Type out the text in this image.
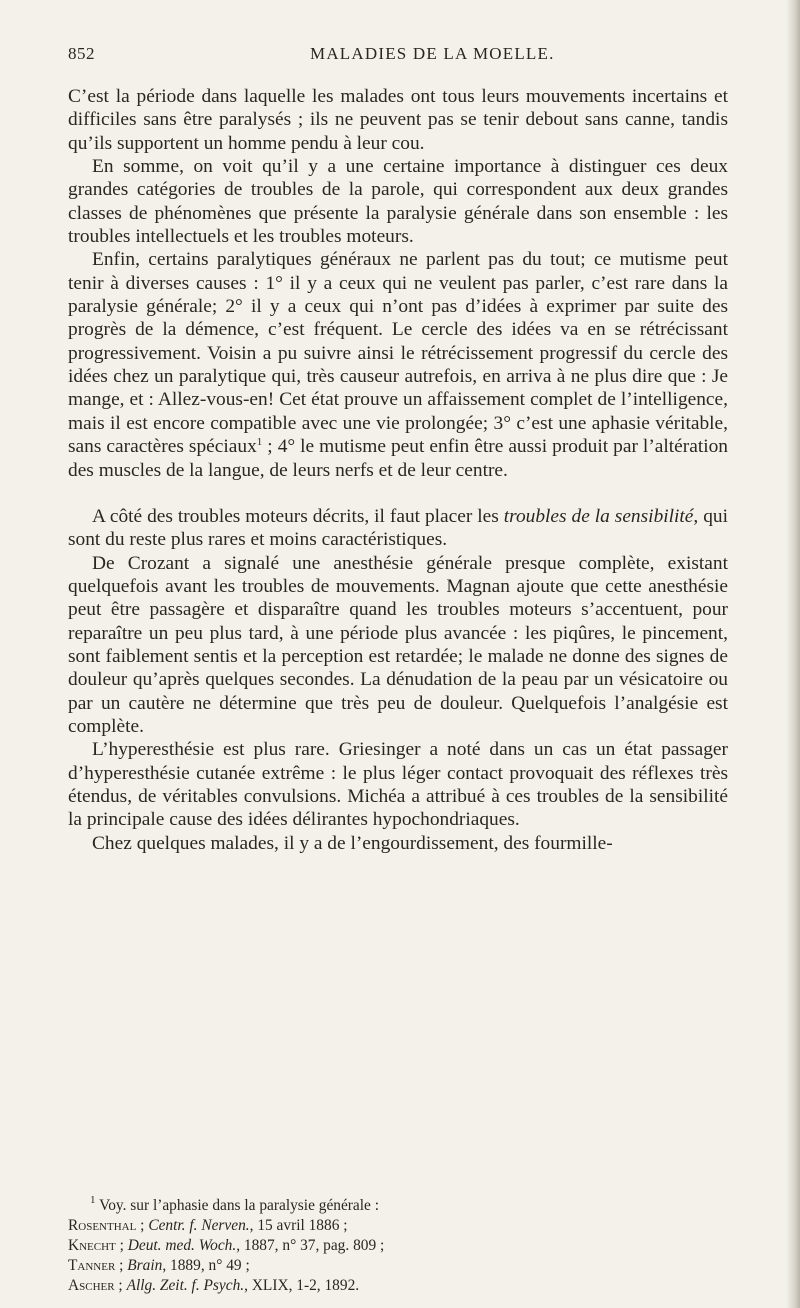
852	MALADIES DE LA MOELLE.

C’est la période dans laquelle les malades ont tous leurs mouvements incertains et difficiles sans être paralysés ; ils ne peuvent pas se tenir debout sans canne, tandis qu’ils supportent un homme pendu à leur cou.

En somme, on voit qu’il y a une certaine importance à distinguer ces deux grandes catégories de troubles de la parole, qui correspondent aux deux grandes classes de phénomènes que présente la paralysie générale dans son ensemble : les troubles intellectuels et les troubles moteurs.

Enfin, certains paralytiques généraux ne parlent pas du tout; ce mutisme peut tenir à diverses causes : 1° il y a ceux qui ne veulent pas parler, c’est rare dans la paralysie générale; 2° il y a ceux qui n’ont pas d’idées à exprimer par suite des progrès de la démence, c’est fréquent. Le cercle des idées va en se rétrécissant progressivement. Voisin a pu suivre ainsi le rétrécissement progressif du cercle des idées chez un paralytique qui, très causeur autrefois, en arriva à ne plus dire que : Je mange, et : Allez-vous-en! Cet état prouve un affaissement complet de l’intelligence, mais il est encore compatible avec une vie prolongée; 3° c’est une aphasie véritable, sans caractères spéciaux$^1$ ; 4° le mutisme peut enfin être aussi produit par l’altération des muscles de la langue, de leurs nerfs et de leur centre.

A côté des troubles moteurs décrits, il faut placer les troubles de la sensibilité, qui sont du reste plus rares et moins caractéristiques.

De Crozant a signalé une anesthésie générale presque complète, existant quelquefois avant les troubles de mouvements. Magnan ajoute que cette anesthésie peut être passagère et disparaître quand les troubles moteurs s’accentuent, pour reparaître un peu plus tard, à une période plus avancée : les piqûres, le pincement, sont faiblement sentis et la perception est retardée; le malade ne donne des signes de douleur qu’après quelques secondes. La dénudation de la peau par un vésicatoire ou par un cautère ne détermine que très peu de douleur. Quelquefois l’analgésie est complète.

L’hyperesthésie est plus rare. Griesinger a noté dans un cas un état passager d’hyperesthésie cutanée extrême : le plus léger contact provoquait des réflexes très étendus, de véritables convulsions. Michéa a attribué à ces troubles de la sensibilité la principale cause des idées délirantes hypochondriaques.

Chez quelques malades, il y a de l’engourdissement, des fourmille-

$^1$ Voy. sur l’aphasie dans la paralysie générale :

Rosenthal ; Centr. f. Nerven., 15 avril 1886 ;

Knecht ; Deut. med. Woch., 1887, n° 37, pag. 809 ;

Tanner ; Brain, 1889, n° 49 ;

Ascher ; Allg. Zeit. f. Psych., XLIX, 1-2, 1892.
